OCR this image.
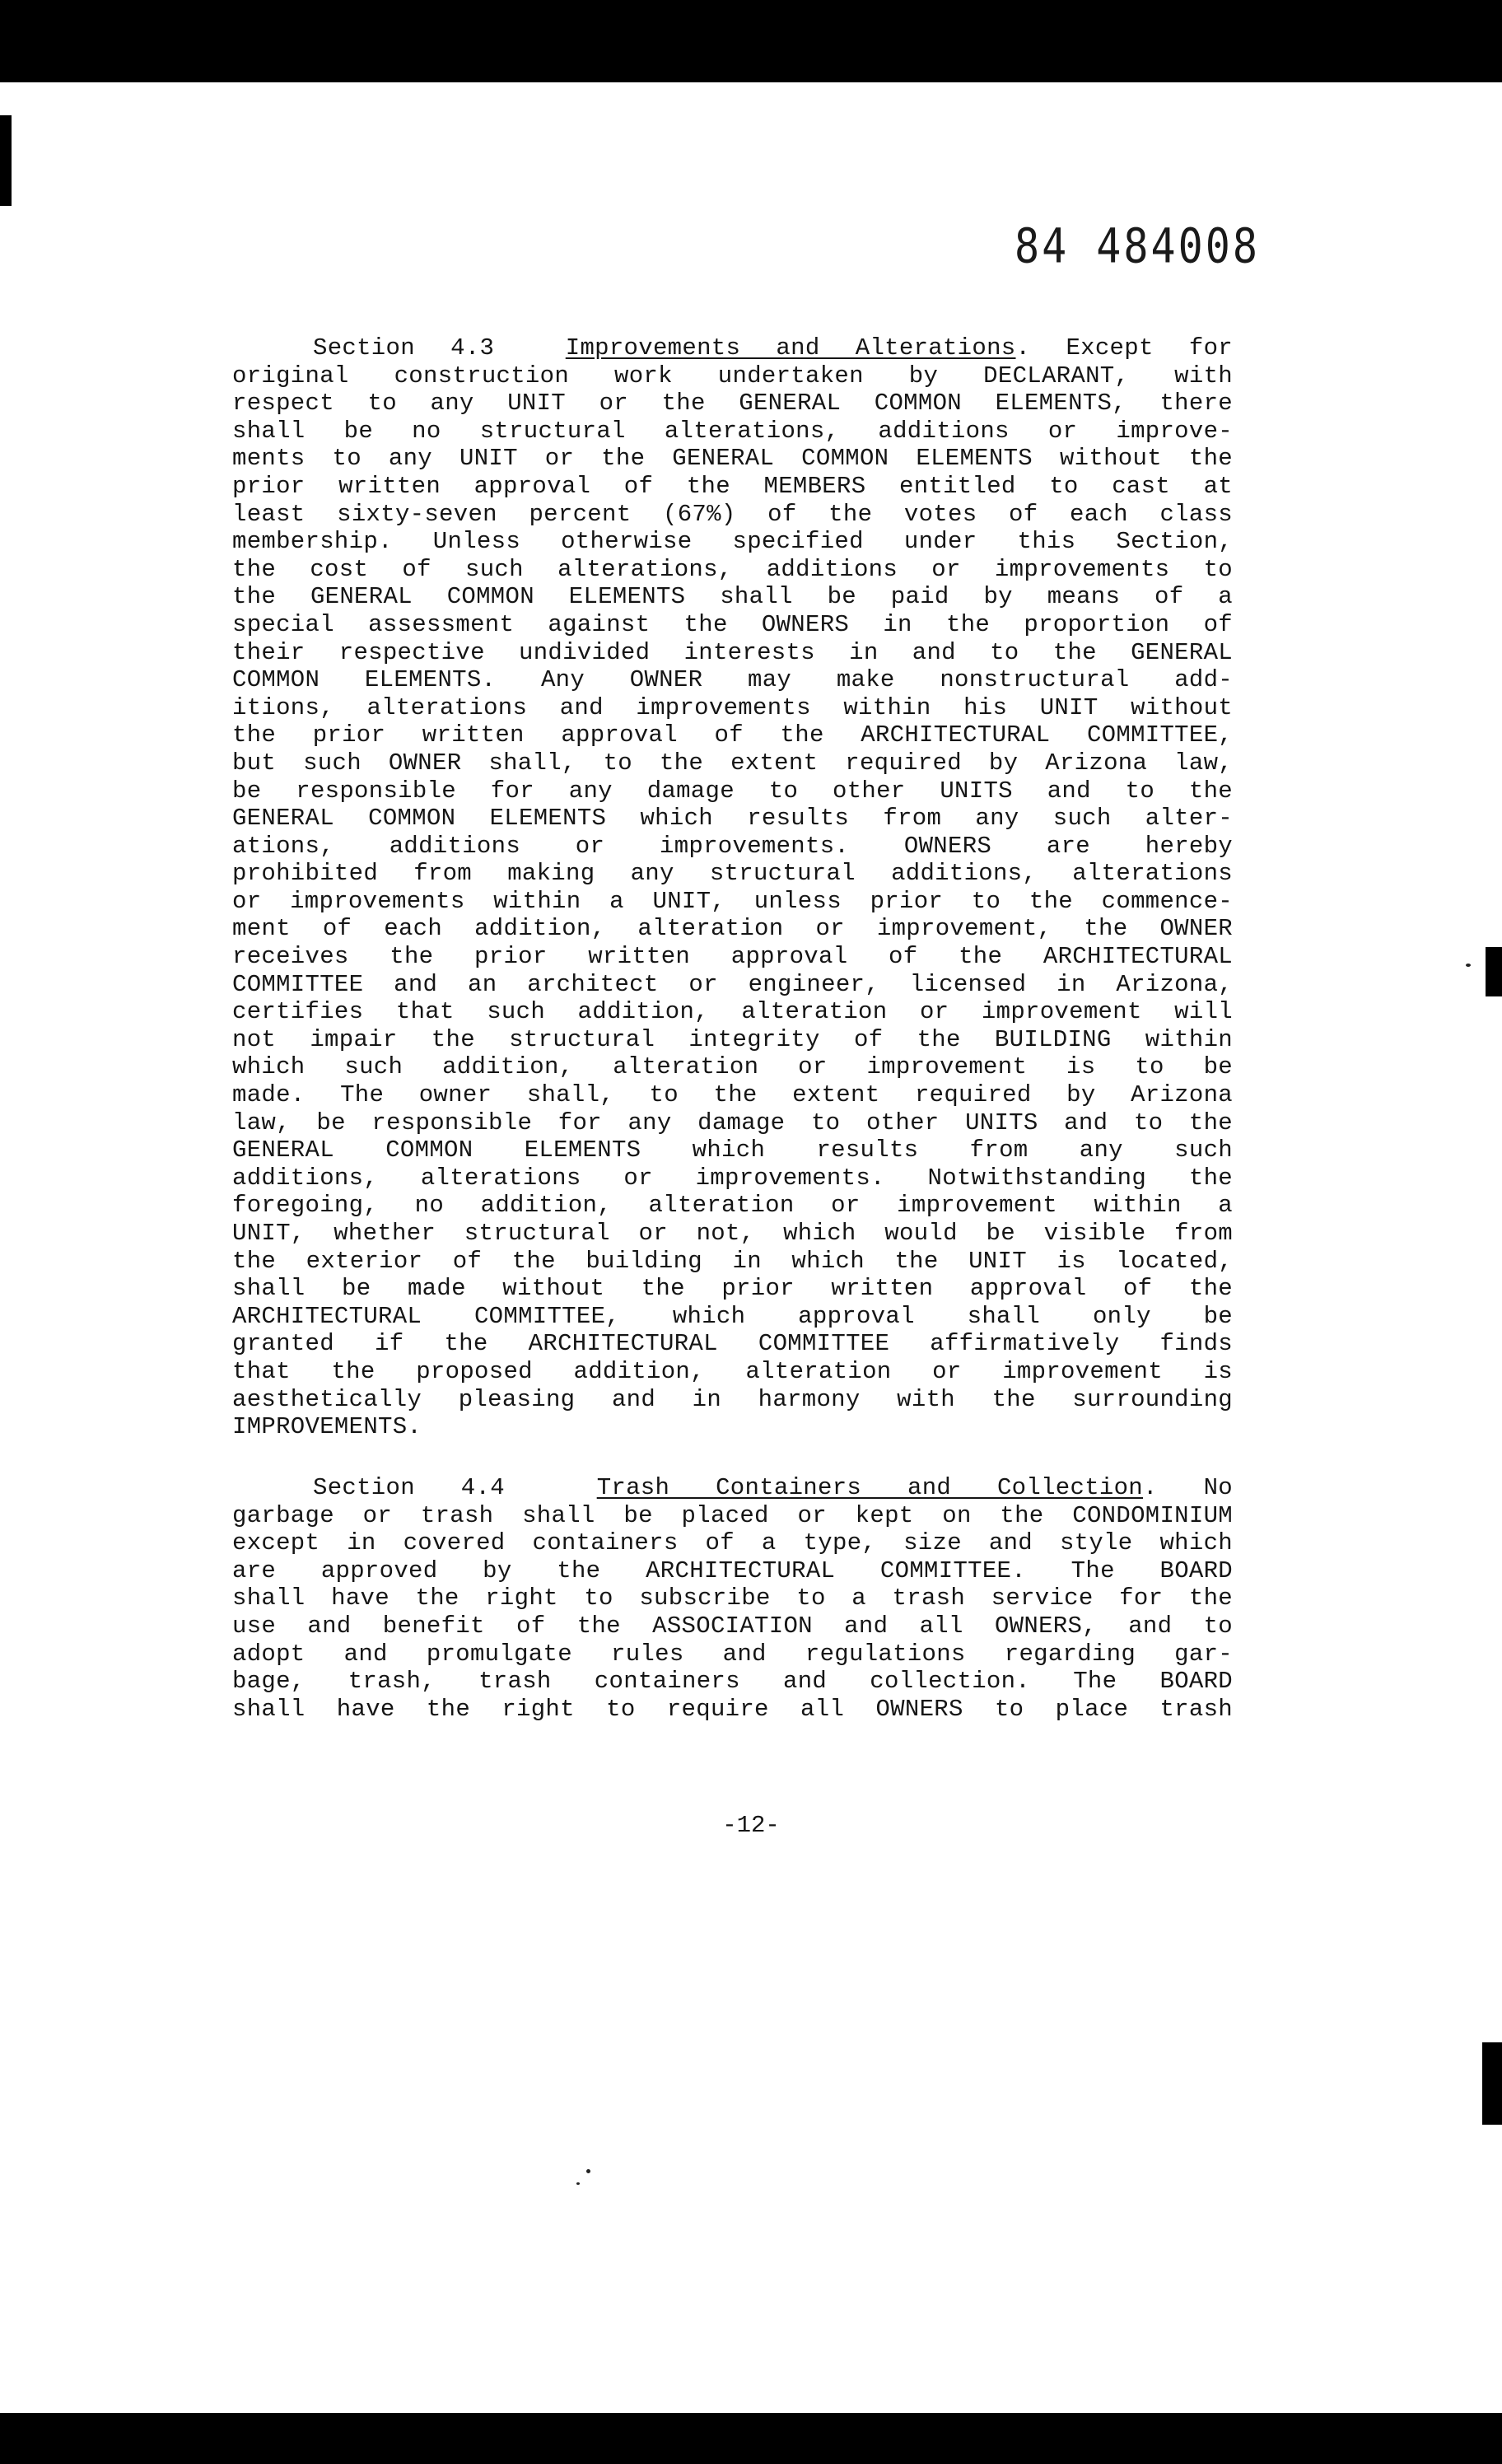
84 484008
Section 4.3	Improvements and Alterations. Except for
original construction work undertaken by DECLARANT, with
respect to any UNIT or the GENERAL COMMON ELEMENTS, there
shall be no structural alterations, additions or improve-
ments to any UNIT or the GENERAL COMMON ELEMENTS without the
prior written approval of the MEMBERS entitled to cast at
least sixty-seven percent (67%) of the votes of each class
membership. Unless otherwise specified under this Section,
the cost of such alterations, additions or improvements to
the GENERAL COMMON ELEMENTS shall be paid by means of a
special assessment against the OWNERS in the proportion of
their respective undivided interests in and to the GENERAL
COMMON ELEMENTS. Any OWNER may make nonstructural add-
itions, alterations and improvements within his UNIT without
the prior written approval of the ARCHITECTURAL COMMITTEE,
but such OWNER shall, to the extent required by Arizona law,
be responsible for any damage to other UNITS and to the
GENERAL COMMON ELEMENTS which results from any such alter-
ations, additions or improvements. OWNERS are hereby
prohibited from making any structural additions, alterations
or improvements within a UNIT, unless prior to the commence-
ment of each addition, alteration or improvement, the OWNER
receives the prior written approval of the ARCHITECTURAL
COMMITTEE and an architect or engineer, licensed in Arizona,
certifies that such addition, alteration or improvement will
not impair the structural integrity of the BUILDING within
which such addition, alteration or improvement is to be
made. The owner shall, to the extent required by Arizona
law, be responsible for any damage to other UNITS and to the
GENERAL COMMON ELEMENTS which results from any such
additions, alterations or improvements. Notwithstanding the
foregoing, no addition, alteration or improvement within a
UNIT, whether structural or not, which would be visible from
the exterior of the building in which the UNIT is located,
shall be made without the prior written approval of the
ARCHITECTURAL COMMITTEE, which approval shall only be
granted if the ARCHITECTURAL COMMITTEE affirmatively finds
that the proposed addition, alteration or improvement is
aesthetically pleasing and in harmony with the surrounding
IMPROVEMENTS.
Section 4.4	Trash Containers and Collection. No
garbage or trash shall be placed or kept on the CONDOMINIUM
except in covered containers of a type, size and style which
are approved by the ARCHITECTURAL COMMITTEE. The BOARD
shall have the right to subscribe to a trash service for the
use and benefit of the ASSOCIATION and all OWNERS, and to
adopt and promulgate rules and regulations regarding gar-
bage, trash, trash containers and collection. The BOARD
shall have the right to require all OWNERS to place trash
-12-
